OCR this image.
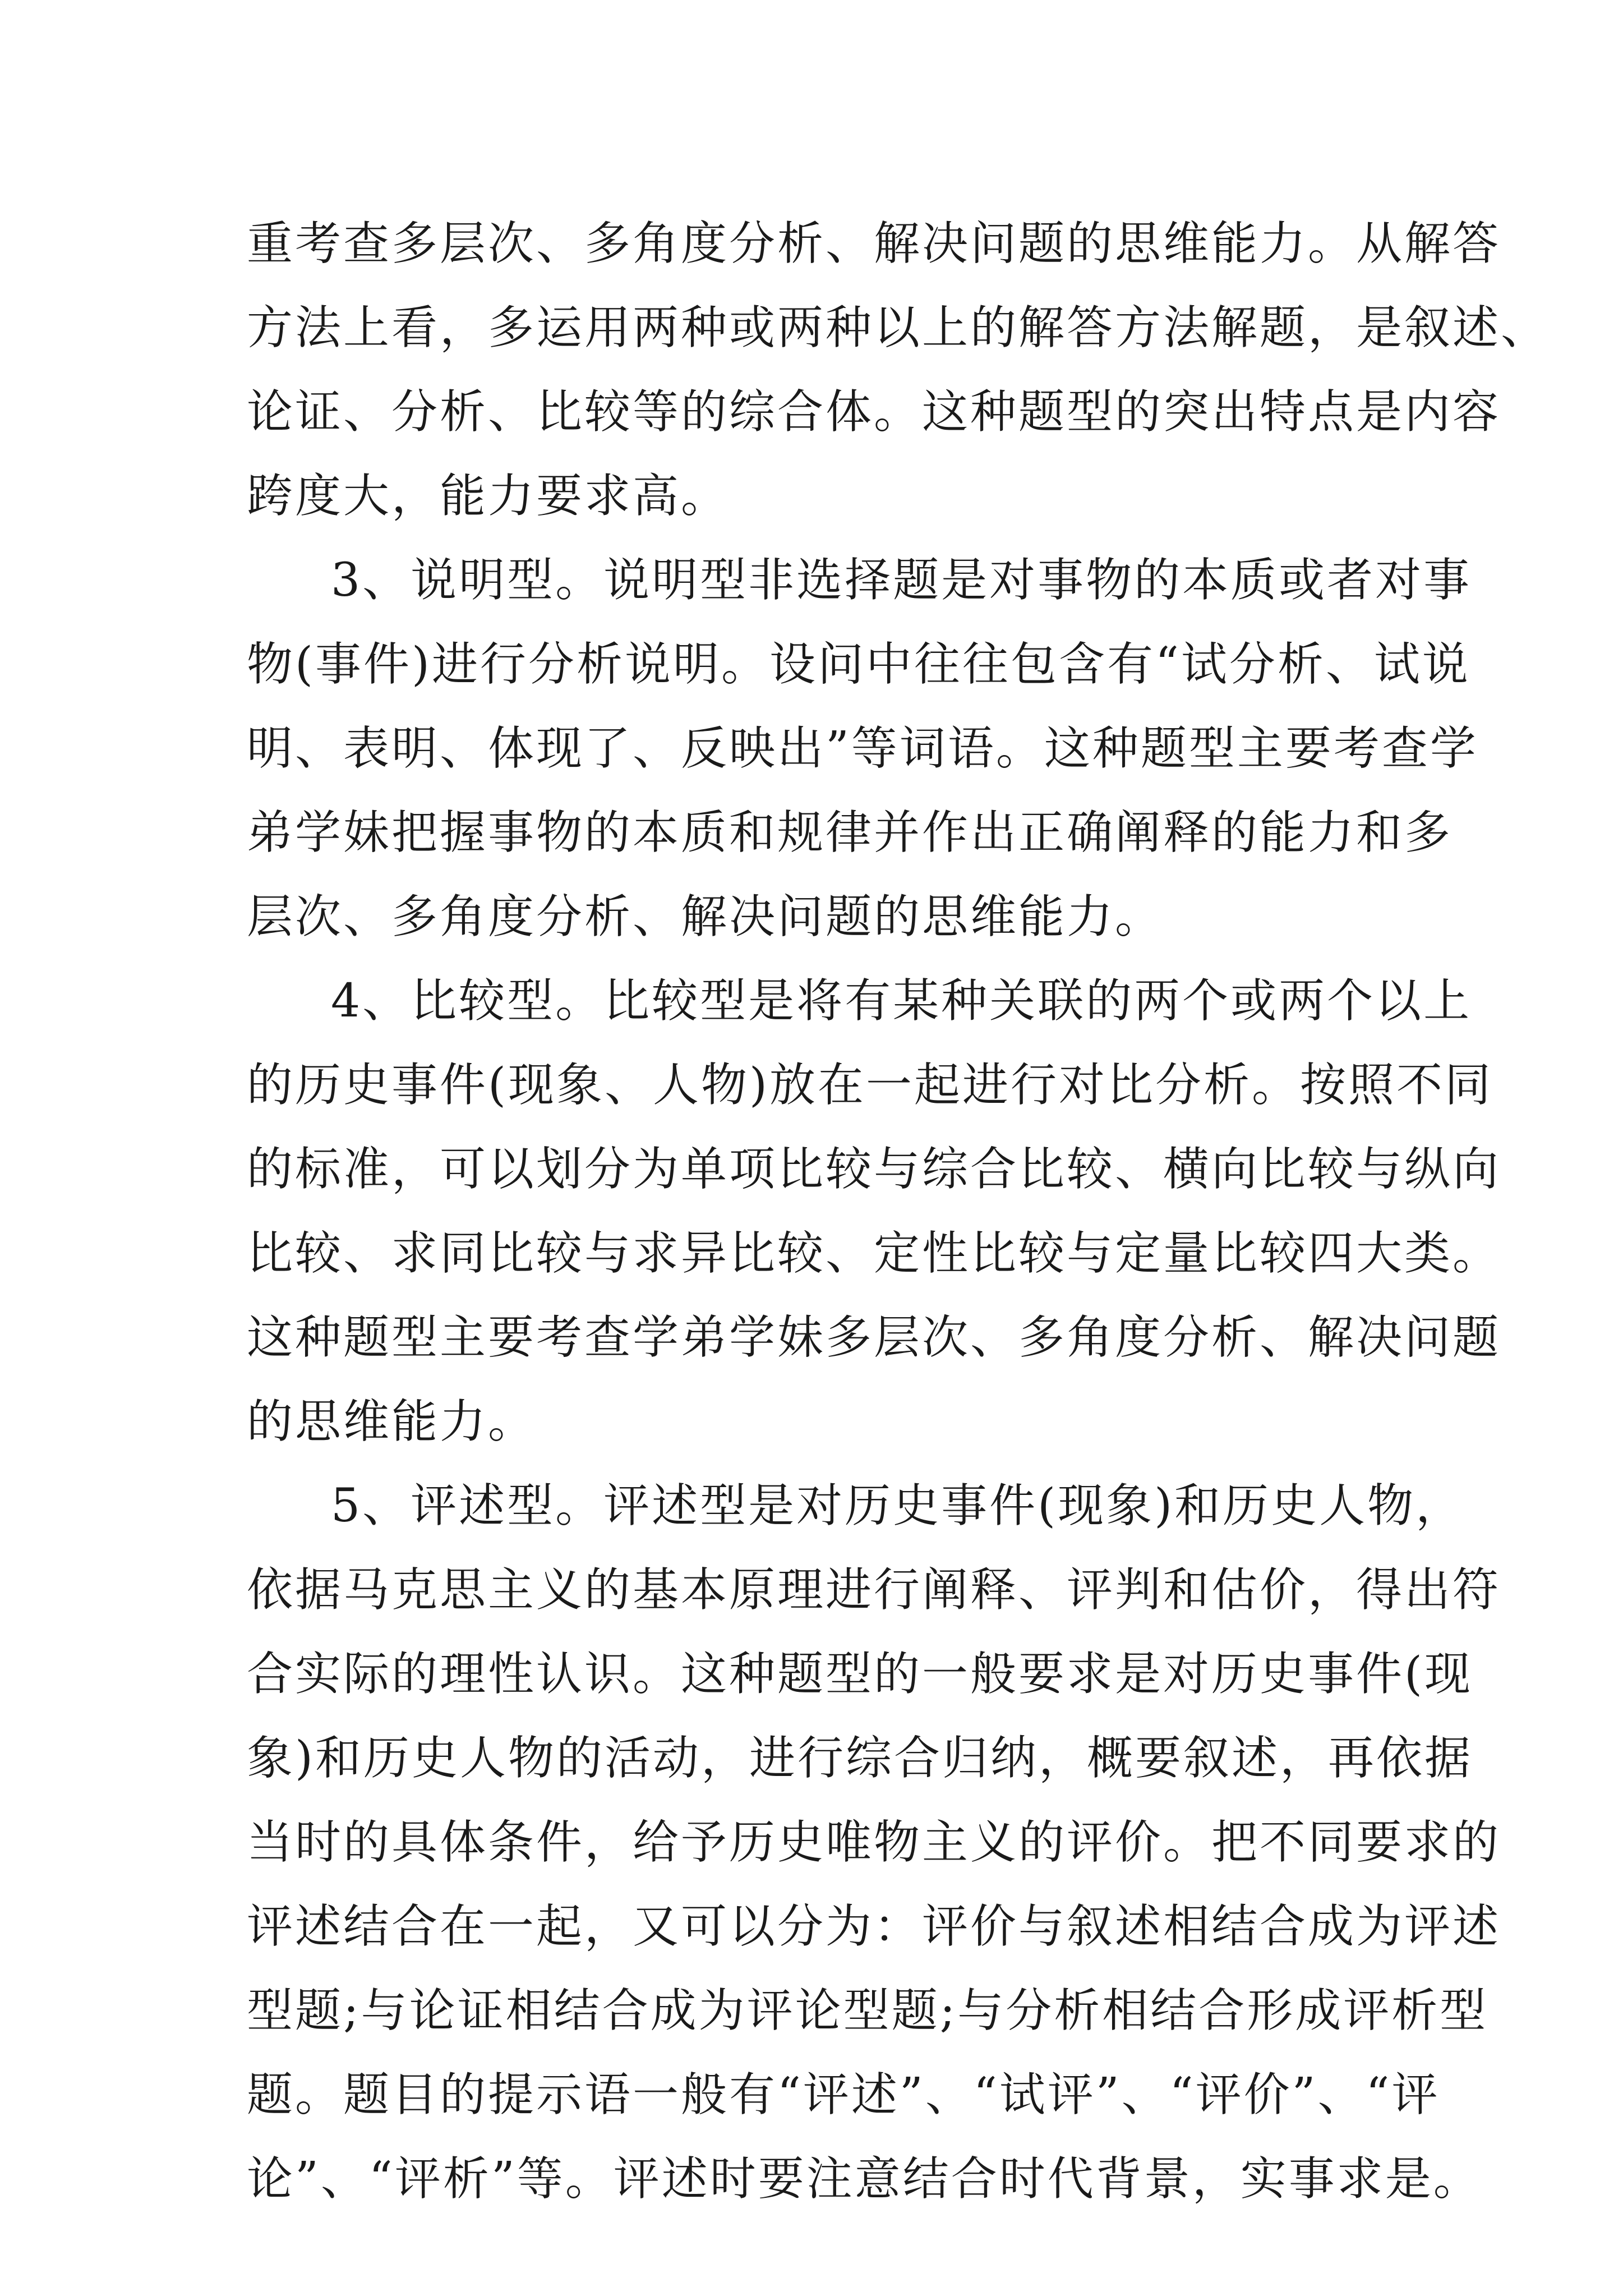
重考查多层次、多角度分析、解决问题的思维能力。从解答
方法上看，多运用两种或两种以上的解答方法解题，是叙述、
论证、分析、比较等的综合体。这种题型的突出特点是内容
跨度大，能力要求高。
3、说明型。说明型非选择题是对事物的本质或者对事
物(事件)进行分析说明。设问中往往包含有“试分析、试说
明、表明、体现了、反映出”等词语。这种题型主要考查学
弟学妹把握事物的本质和规律并作出正确阐释的能力和多
层次、多角度分析、解决问题的思维能力。
4、比较型。比较型是将有某种关联的两个或两个以上
的历史事件(现象、人物)放在一起进行对比分析。按照不同
的标准，可以划分为单项比较与综合比较、横向比较与纵向
比较、求同比较与求异比较、定性比较与定量比较四大类。
这种题型主要考查学弟学妹多层次、多角度分析、解决问题
的思维能力。
5、评述型。评述型是对历史事件(现象)和历史人物，
依据马克思主义的基本原理进行阐释、评判和估价，得出符
合实际的理性认识。这种题型的一般要求是对历史事件(现
象)和历史人物的活动，进行综合归纳，概要叙述，再依据
当时的具体条件，给予历史唯物主义的评价。把不同要求的
评述结合在一起，又可以分为：评价与叙述相结合成为评述
型题;与论证相结合成为评论型题;与分析相结合形成评析型
题。题目的提示语一般有“评述”、“试评”、“评价”、“评
论”、“评析”等。评述时要注意结合时代背景，实事求是。
